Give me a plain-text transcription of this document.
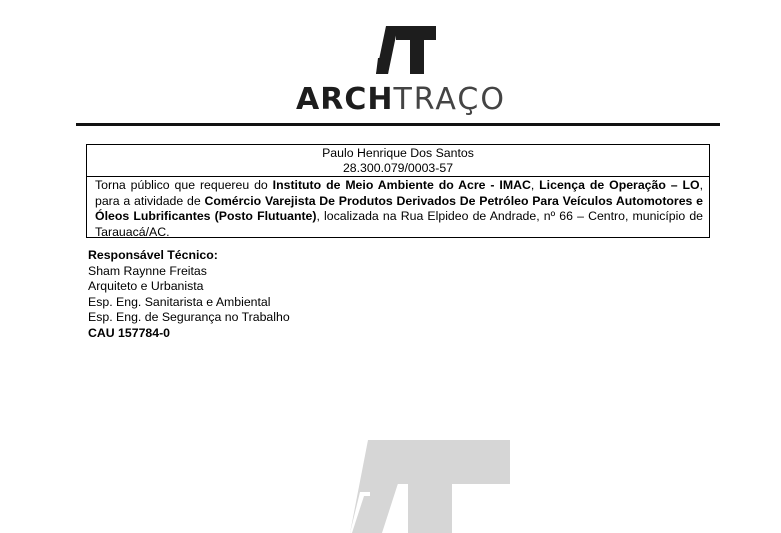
ARCHTRAÇO
Paulo Henrique Dos Santos
28.300.079/0003-57
Torna público que requereu do Instituto de Meio Ambiente do Acre - IMAC, Licença de Operação – LO, para a atividade de Comércio Varejista De Produtos Derivados De Petróleo Para Veículos Automotores e Óleos Lubrificantes (Posto Flutuante), localizada na Rua Elpideo de Andrade, nº 66 – Centro, município de Tarauacá/AC.
Responsável Técnico:
Sham Raynne Freitas
Arquiteto e Urbanista
Esp. Eng. Sanitarista e Ambiental
Esp. Eng. de Segurança no Trabalho
CAU 157784-0
